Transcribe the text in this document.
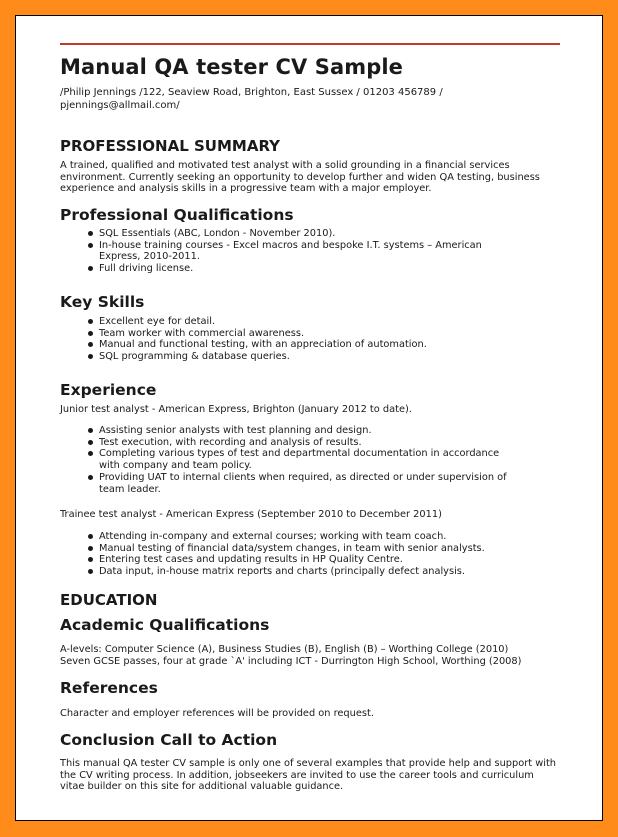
Manual QA tester CV Sample

/Philip Jennings /122, Seaview Road, Brighton, East Sussex / 01203 456789 / pjennings@allmail.com/

PROFESSIONAL SUMMARY

A trained, qualified and motivated test analyst with a solid grounding in a financial services environment. Currently seeking an opportunity to develop further and widen QA testing, business experience and analysis skills in a progressive team with a major employer.

Professional Qualifications
SQL Essentials (ABC, London - November 2010).
In-house training courses - Excel macros and bespoke I.T. systems – American Express, 2010-2011.
Full driving license.
Key Skills
Excellent eye for detail.
Team worker with commercial awareness.
Manual and functional testing, with an appreciation of automation.
SQL programming & database queries.
Experience

Junior test analyst - American Express, Brighton (January 2012 to date).

Assisting senior analysts with test planning and design.
Test execution, with recording and analysis of results.
Completing various types of test and departmental documentation in accordance with company and team policy.
Providing UAT to internal clients when required, as directed or under supervision of team leader.

Trainee test analyst - American Express (September 2010 to December 2011)

Attending in-company and external courses; working with team coach.
Manual testing of financial data/system changes, in team with senior analysts.
Entering test cases and updating results in HP Quality Centre.
Data input, in-house matrix reports and charts (principally defect analysis.
EDUCATION
Academic Qualifications

A-levels: Computer Science (A), Business Studies (B), English (B) – Worthing College (2010)

Seven GCSE passes, four at grade `A' including ICT - Durrington High School, Worthing (2008)

References

Character and employer references will be provided on request.

Conclusion Call to Action

This manual QA tester CV sample is only one of several examples that provide help and support with the CV writing process. In addition, jobseekers are invited to use the career tools and curriculum vitae builder on this site for additional valuable guidance.
